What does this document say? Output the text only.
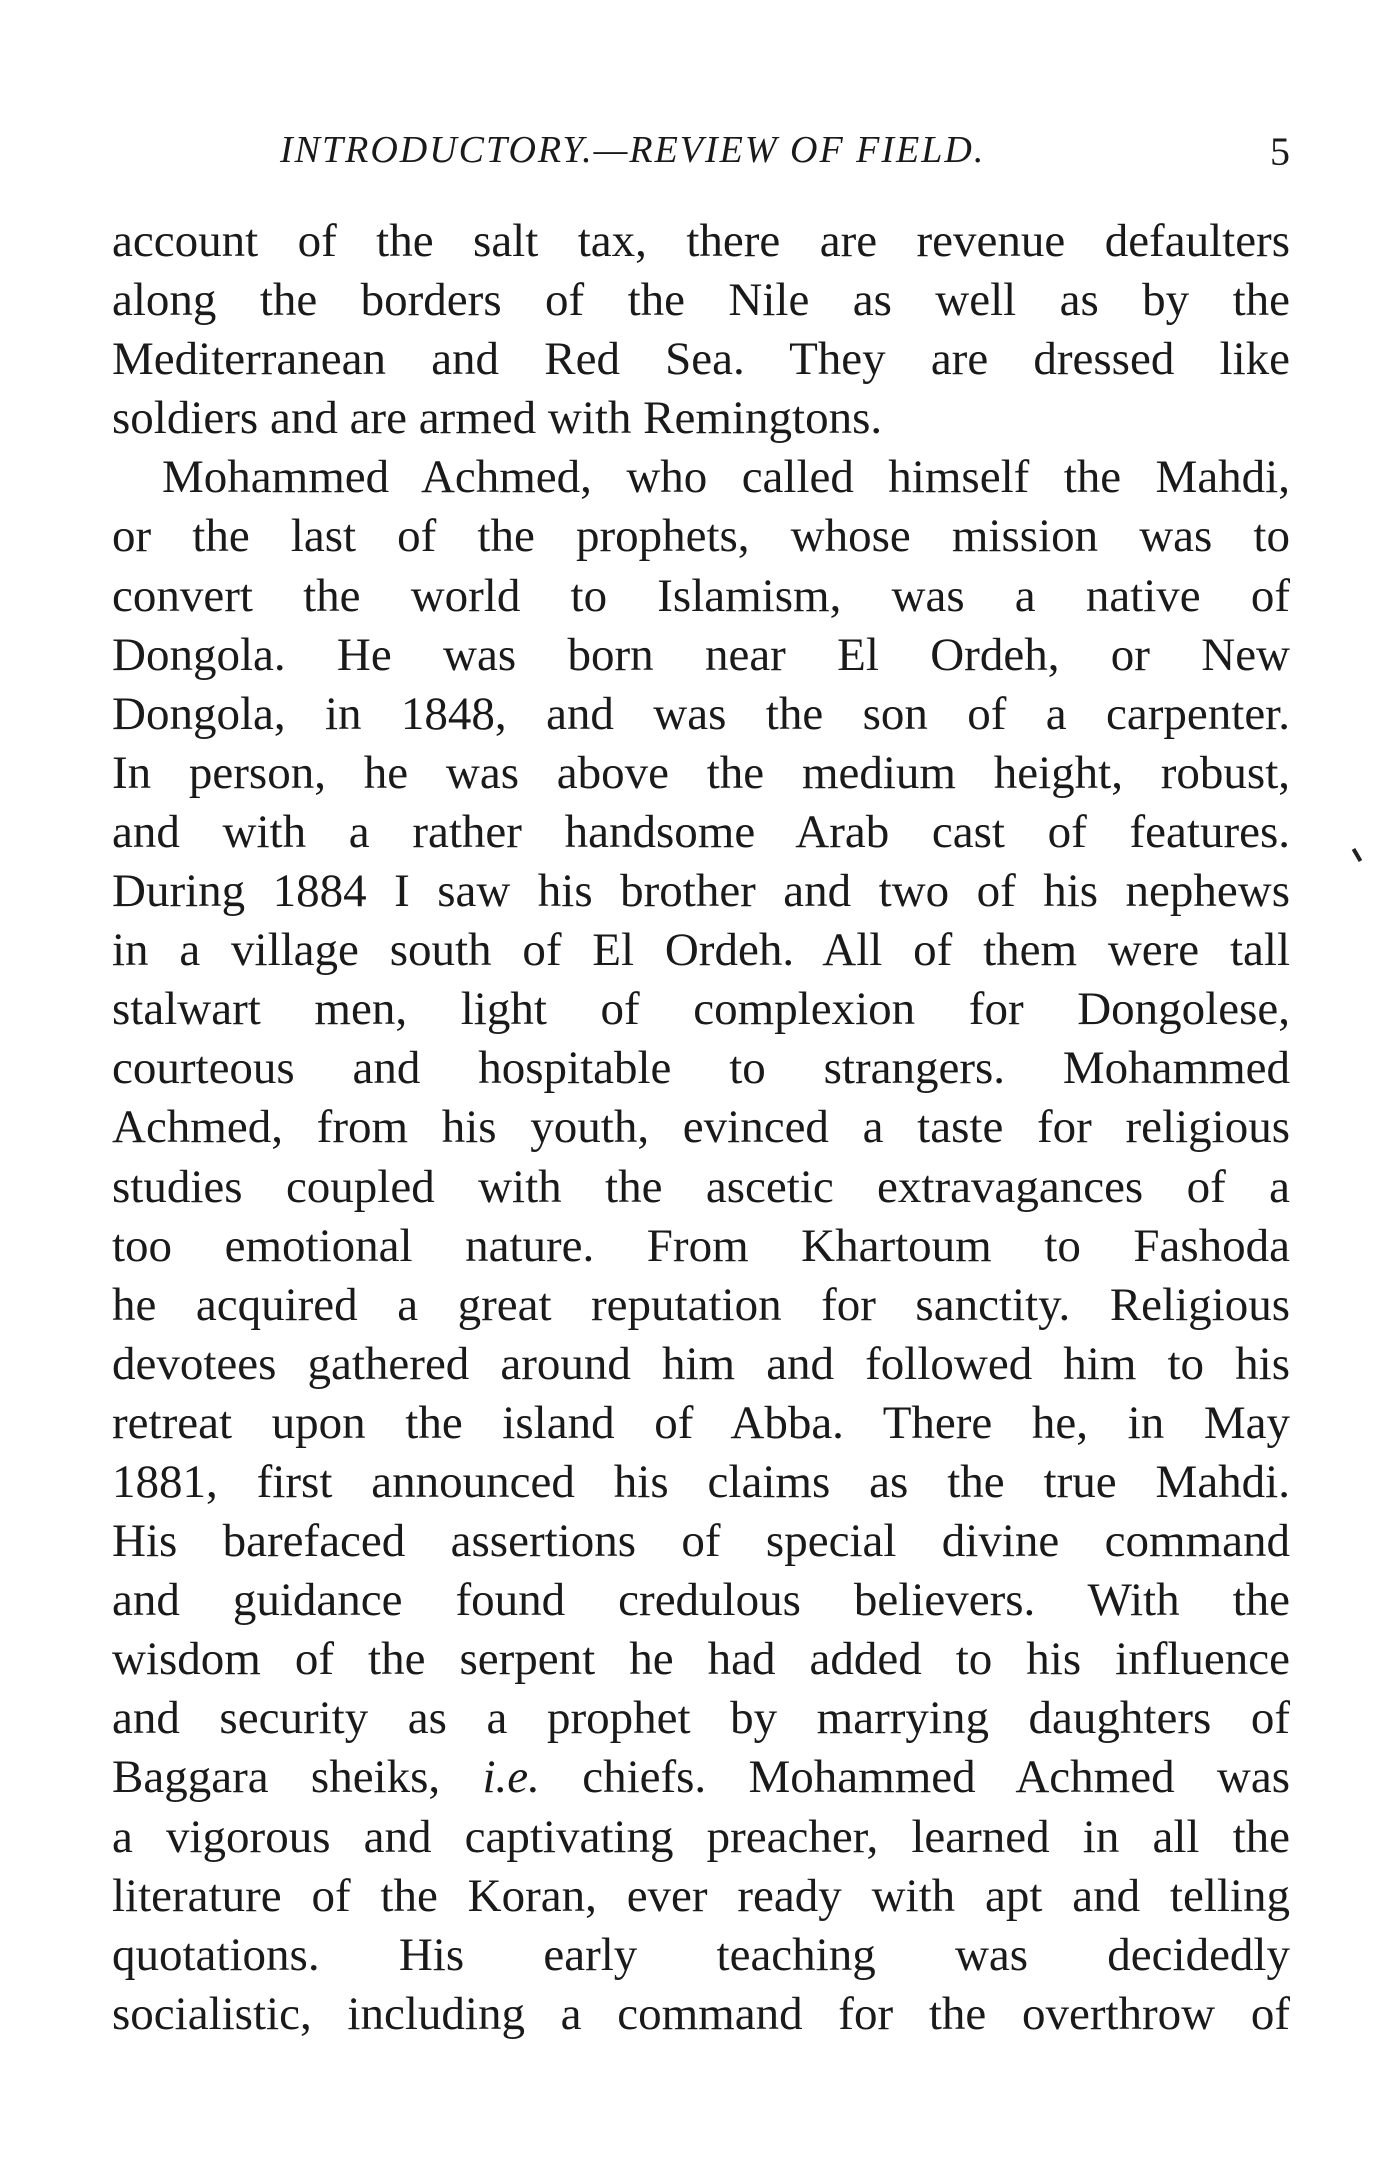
INTRODUCTORY.—REVIEW OF FIELD.	5
account of the salt tax, there are revenue defaulters
along the borders of the Nile as well as by the
Mediterranean and Red Sea. They are dressed like
soldiers and are armed with Remingtons.
Mohammed Achmed, who called himself the Mahdi,
or the last of the prophets, whose mission was to
convert the world to Islamism, was a native of
Dongola. He was born near El Ordeh, or New
Dongola, in 1848, and was the son of a carpenter.
In person, he was above the medium height, robust,
and with a rather handsome Arab cast of features.
During 1884 I saw his brother and two of his nephews
in a village south of El Ordeh. All of them were tall
stalwart men, light of complexion for Dongolese,
courteous and hospitable to strangers. Mohammed
Achmed, from his youth, evinced a taste for religious
studies coupled with the ascetic extravagances of a
too emotional nature. From Khartoum to Fashoda
he acquired a great reputation for sanctity. Religious
devotees gathered around him and followed him to his
retreat upon the island of Abba. There he, in May
1881, first announced his claims as the true Mahdi.
His barefaced assertions of special divine command
and guidance found credulous believers. With the
wisdom of the serpent he had added to his influence
and security as a prophet by marrying daughters of
Baggara sheiks, i.e. chiefs. Mohammed Achmed was
a vigorous and captivating preacher, learned in all the
literature of the Koran, ever ready with apt and telling
quotations. His early teaching was decidedly
socialistic, including a command for the overthrow of
